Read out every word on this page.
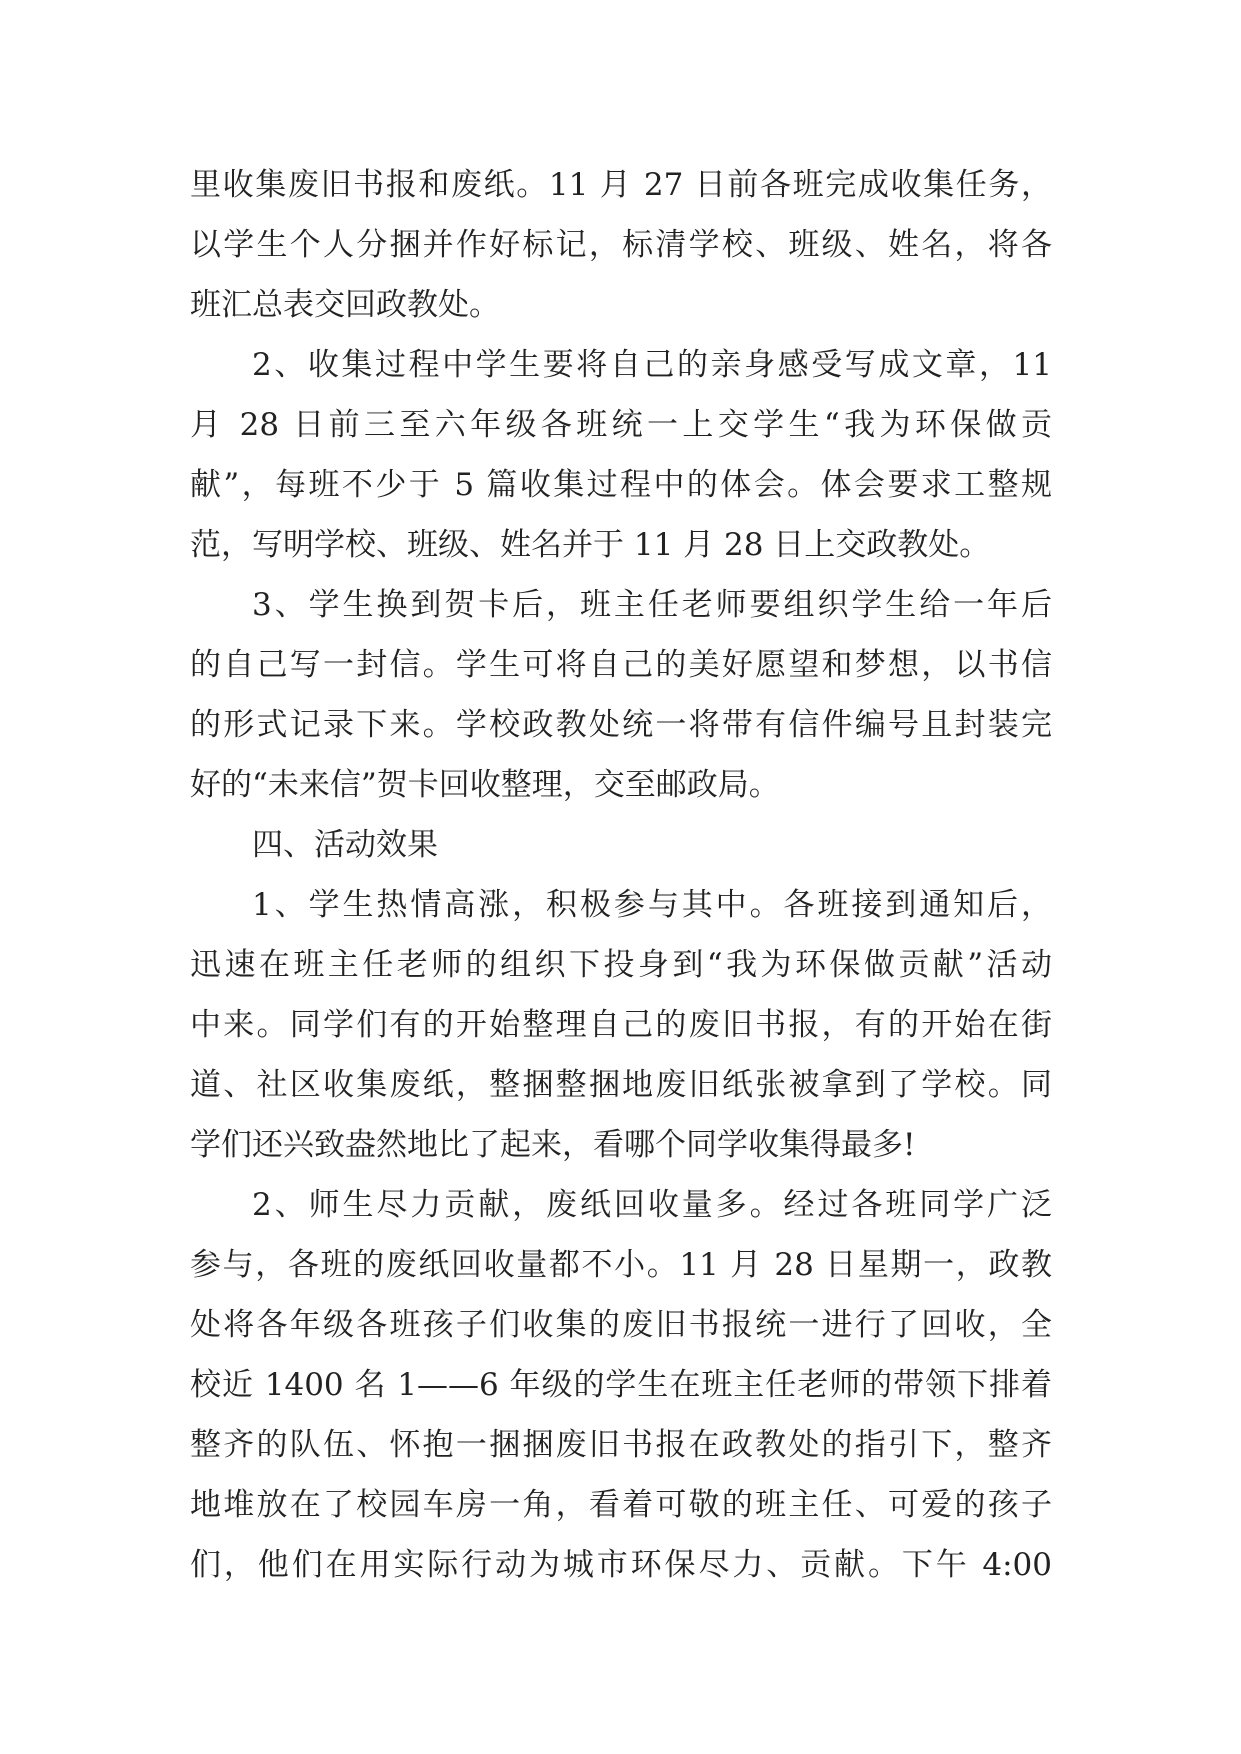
里收集废旧书报和废纸。11 月 27 日前各班完成收集任务，
以学生个人分捆并作好标记，标清学校、班级、姓名，将各
班汇总表交回政教处。
2、收集过程中学生要将自己的亲身感受写成文章，11
月 28 日前三至六年级各班统一上交学生“我为环保做贡
献”，每班不少于 5 篇收集过程中的体会。体会要求工整规
范，写明学校、班级、姓名并于 11 月 28 日上交政教处。
3、学生换到贺卡后，班主任老师要组织学生给一年后
的自己写一封信。学生可将自己的美好愿望和梦想，以书信
的形式记录下来。学校政教处统一将带有信件编号且封装完
好的“未来信”贺卡回收整理，交至邮政局。
四、活动效果
1、学生热情高涨，积极参与其中。各班接到通知后，
迅速在班主任老师的组织下投身到“我为环保做贡献”活动
中来。同学们有的开始整理自己的废旧书报，有的开始在街
道、社区收集废纸，整捆整捆地废旧纸张被拿到了学校。同
学们还兴致盎然地比了起来，看哪个同学收集得最多!
2、师生尽力贡献，废纸回收量多。经过各班同学广泛
参与，各班的废纸回收量都不小。11 月 28 日星期一，政教
处将各年级各班孩子们收集的废旧书报统一进行了回收，全
校近 1400 名 1——6 年级的学生在班主任老师的带领下排着
整齐的队伍、怀抱一捆捆废旧书报在政教处的指引下，整齐
地堆放在了校园车房一角，看着可敬的班主任、可爱的孩子
们，他们在用实际行动为城市环保尽力、贡献。下午 4:00
